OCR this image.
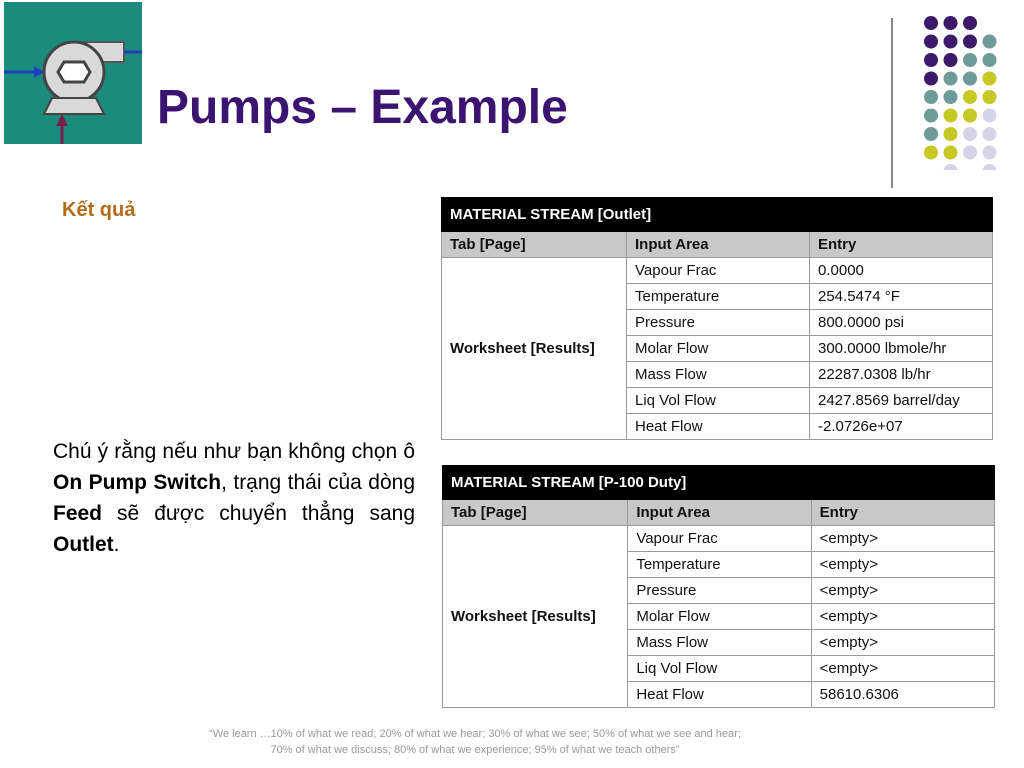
Pumps – Example
Kết quả

Chú ý rằng nếu như bạn không chọn ô On Pump Switch, trạng thái của dòng Feed sẽ được chuyển thẳng sang Outlet.

MATERIAL STREAM [Outlet]		
Tab [Page]	Input Area	Entry
Worksheet [Results]	Vapour Frac	0.0000
	Temperature	254.5474 °F
	Pressure	800.0000 psi
	Molar Flow	300.0000 lbmole/hr
	Mass Flow	22287.0308 lb/hr
	Liq Vol Flow	2427.8569 barrel/day
	Heat Flow	-2.0726e+07
MATERIAL STREAM [P-100 Duty]		
Tab [Page]	Input Area	Entry
Worksheet [Results]	Vapour Frac	<empty>
	Temperature	<empty>
	Pressure	<empty>
	Molar Flow	<empty>
	Mass Flow	<empty>
	Liq Vol Flow	<empty>
	Heat Flow	58610.6306

“We learn …10% of what we read; 20% of what we hear; 30% of what we see; 50% of what we see and hear;
70% of what we discuss; 80% of what we experience; 95% of what we teach others”
